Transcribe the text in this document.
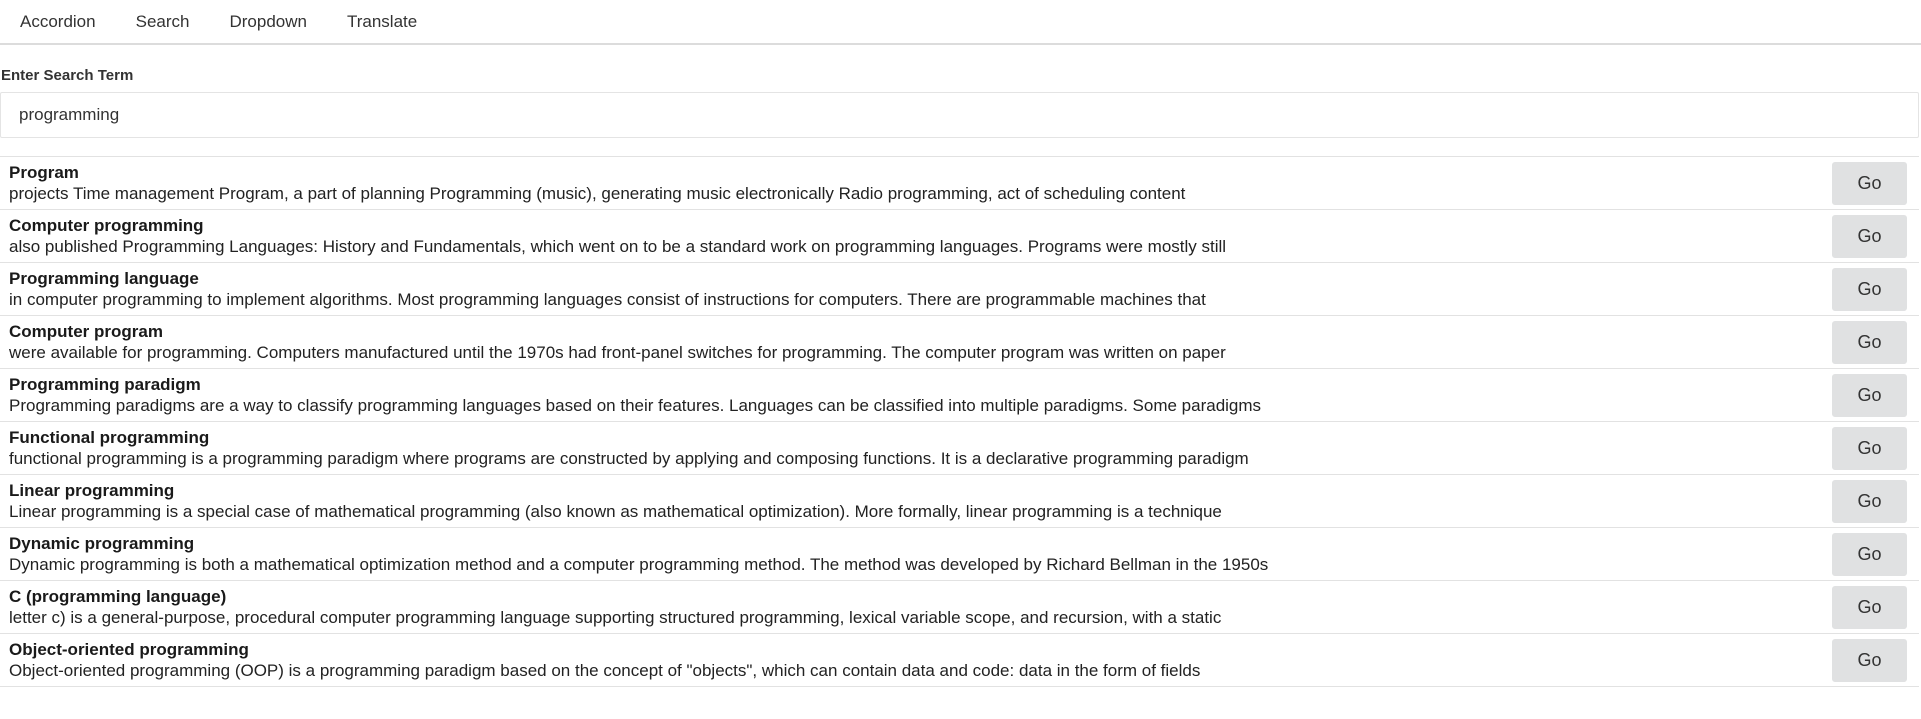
Accordion Search Dropdown Translate
Enter Search Term
programming
Program
projects Time management Program, a part of planning Programming (music), generating music electronically Radio programming, act of scheduling content
Go
Computer programming
also published Programming Languages: History and Fundamentals, which went on to be a standard work on programming languages. Programs were mostly still
Go
Programming language
in computer programming to implement algorithms. Most programming languages consist of instructions for computers. There are programmable machines that
Go
Computer program
were available for programming. Computers manufactured until the 1970s had front-panel switches for programming. The computer program was written on paper
Go
Programming paradigm
Programming paradigms are a way to classify programming languages based on their features. Languages can be classified into multiple paradigms. Some paradigms
Go
Functional programming
functional programming is a programming paradigm where programs are constructed by applying and composing functions. It is a declarative programming paradigm
Go
Linear programming
Linear programming is a special case of mathematical programming (also known as mathematical optimization). More formally, linear programming is a technique
Go
Dynamic programming
Dynamic programming is both a mathematical optimization method and a computer programming method. The method was developed by Richard Bellman in the 1950s
Go
C (programming language)
letter c) is a general-purpose, procedural computer programming language supporting structured programming, lexical variable scope, and recursion, with a static
Go
Object-oriented programming
Object-oriented programming (OOP) is a programming paradigm based on the concept of "objects", which can contain data and code: data in the form of fields
Go
